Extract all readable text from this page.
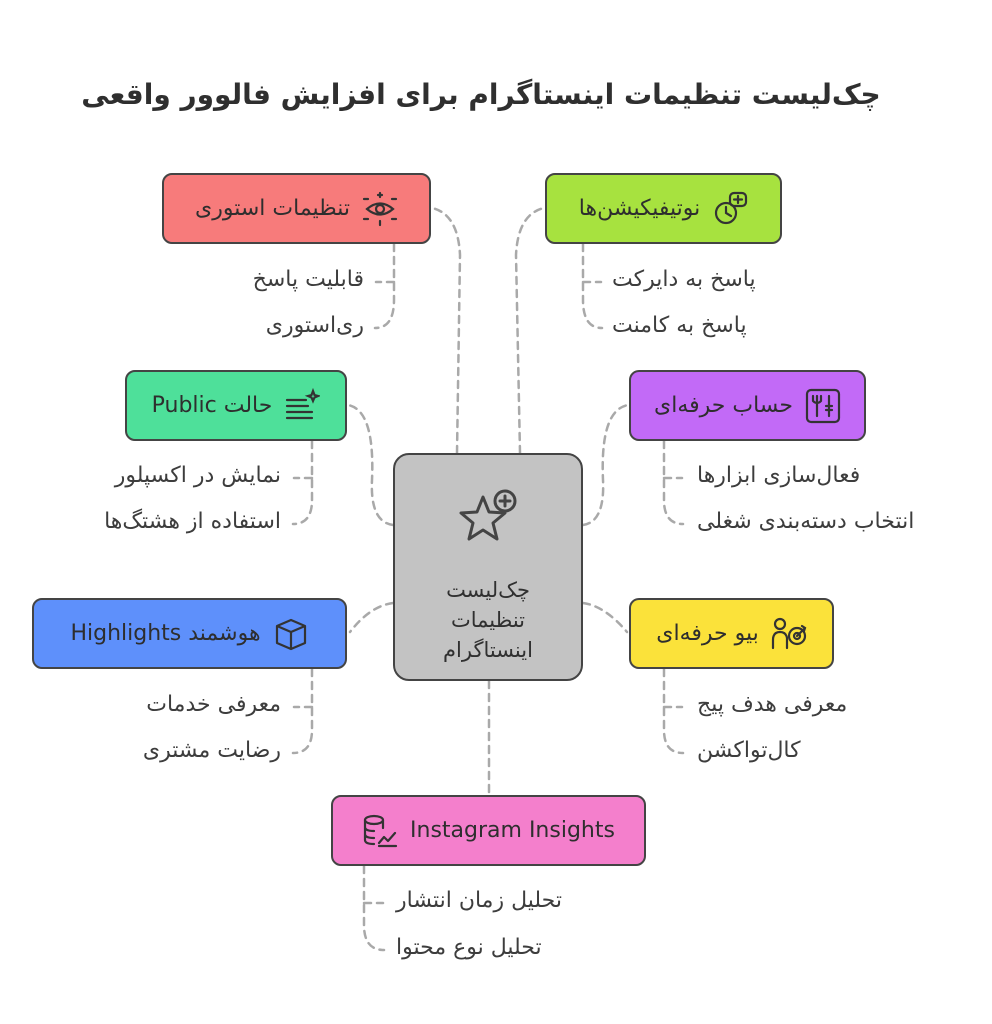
چک‌لیست تنظیمات اینستاگرام برای افزایش فالوور واقعی
چک‌لیست
تنظیمات
اینستاگرام
تنظیمات استوری
قابلیت پاسخ
ری‌استوری
نوتیفیکیشن‌ها
پاسخ به دایرکت
پاسخ به کامنت
حالت Public
نمایش در اکسپلور
استفاده از هشتگ‌ها
حساب حرفه‌ای
فعال‌سازی ابزارها
انتخاب دسته‌بندی شغلی
هوشمند Highlights
معرفی خدمات
رضایت مشتری
بیو حرفه‌ای
معرفی هدف پیج
کال‌تواکشن
Instagram Insights
تحلیل زمان انتشار
تحلیل نوع محتوا
